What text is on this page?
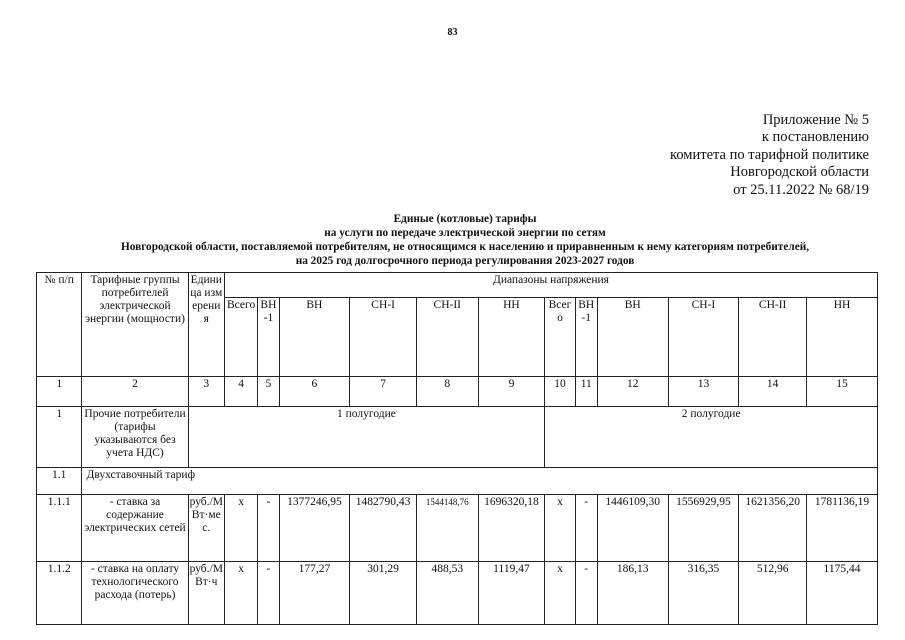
83
Приложение № 5
к постановлению
комитета по тарифной политике
Новгородской области
от 25.11.2022 № 68/19
Единые (котловые) тарифы
на услуги по передаче электрической энергии по сетям
Новгородской области, поставляемой потребителям, не относящимся к населению и приравненным к нему категориям потребителей,
на 2025 год долгосрочного периода регулирования 2023-2027 годов
№ п/п	Тарифные группы потребителей электрической энергии (мощности)	Единица измерения	Диапазоны напряжения											
			Всего	ВН-1	ВН	СН-I	СН-II	НН	Всего	ВН-1	ВН	СН-I	СН-II	НН
1	2	3	4	5	6	7	8	9	10	11	12	13	14	15
1	Прочие потребители (тарифы указываются без учета НДС)	1 полугодие							2 полугодие					
1.1	Двухставочный тариф													
1.1.1	- ставка за содержание электрических сетей	руб./МВт·мес.	х	-	1377246,95	1482790,43	1544148,76	1696320,18	х	-	1446109,30	1556929,95	1621356,20	1781136,19
1.1.2	- ставка на оплату технологического расхода (потерь)	руб./МВт·ч	х	-	177,27	301,29	488,53	1119,47	х	-	186,13	316,35	512,96	1175,44
